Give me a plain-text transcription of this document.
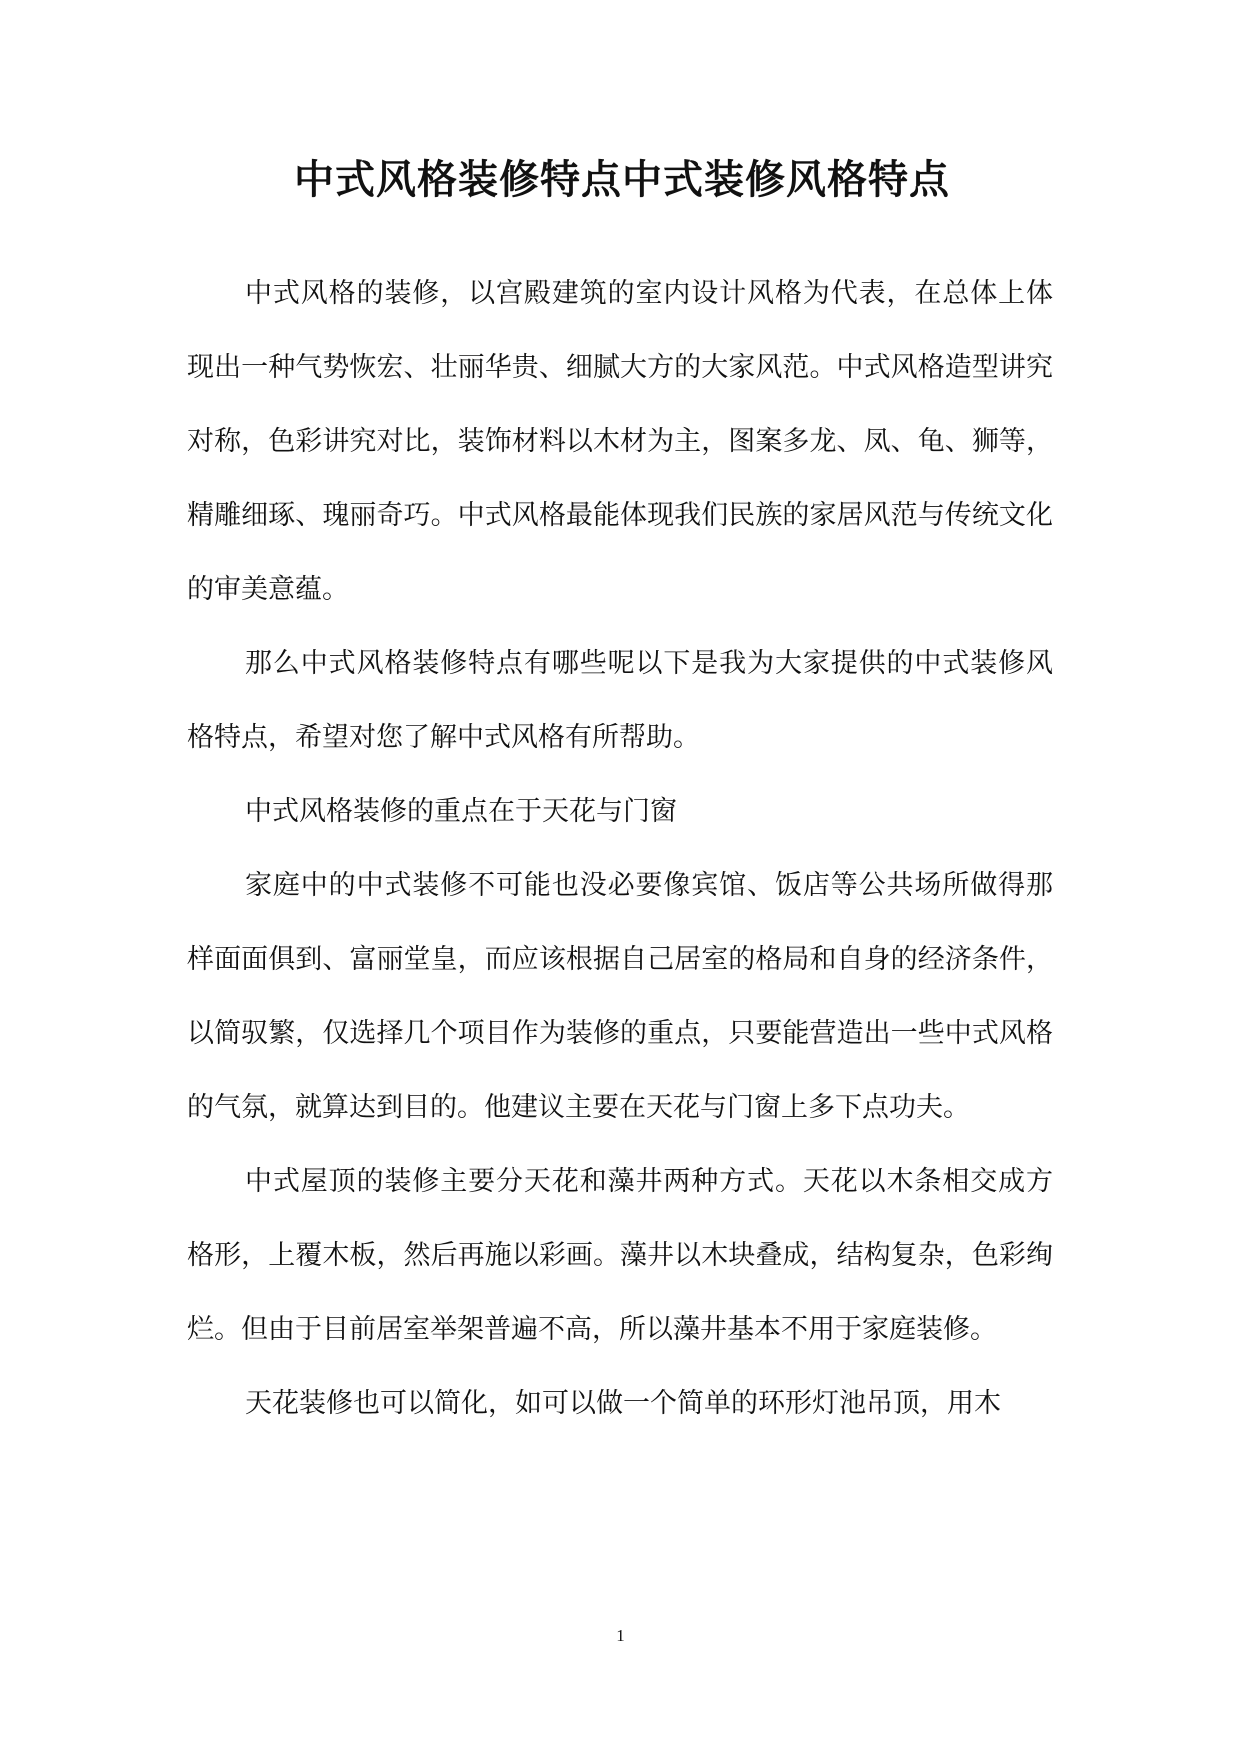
中式风格装修特点中式装修风格特点

中式风格的装修，以宫殿建筑的室内设计风格为代表，在总体上体现出一种气势恢宏、壮丽华贵、细腻大方的大家风范。中式风格造型讲究对称，色彩讲究对比，装饰材料以木材为主，图案多龙、凤、龟、狮等，精雕细琢、瑰丽奇巧。中式风格最能体现我们民族的家居风范与传统文化的审美意蕴。

那么中式风格装修特点有哪些呢以下是我为大家提供的中式装修风格特点，希望对您了解中式风格有所帮助。

中式风格装修的重点在于天花与门窗

家庭中的中式装修不可能也没必要像宾馆、饭店等公共场所做得那样面面俱到、富丽堂皇，而应该根据自己居室的格局和自身的经济条件，以简驭繁，仅选择几个项目作为装修的重点，只要能营造出一些中式风格的气氛，就算达到目的。他建议主要在天花与门窗上多下点功夫。

中式屋顶的装修主要分天花和藻井两种方式。天花以木条相交成方格形，上覆木板，然后再施以彩画。藻井以木块叠成，结构复杂，色彩绚烂。但由于目前居室举架普遍不高，所以藻井基本不用于家庭装修。

天花装修也可以简化，如可以做一个简单的环形灯池吊顶，用木

1
